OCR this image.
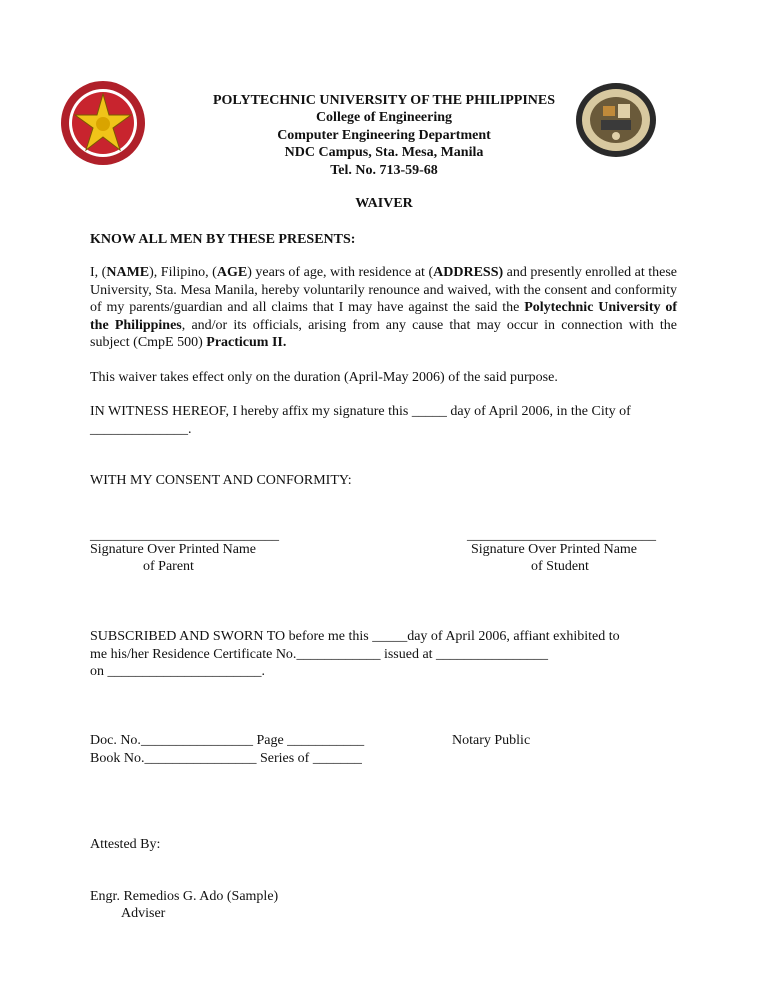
POLYTECHNIC UNIVERSITY OF THE PHILIPPINES
College of Engineering
Computer Engineering Department
NDC Campus, Sta. Mesa, Manila
Tel. No. 713-59-68
WAIVER
KNOW ALL MEN BY THESE PRESENTS:
I, (NAME), Filipino, (AGE) years of age, with residence at (ADDRESS) and presently enrolled at these University, Sta. Mesa Manila, hereby voluntarily renounce and waived, with the consent and conformity of my parents/guardian and all claims that I may have against the said the Polytechnic University of the Philippines, and/or its officials, arising from any cause that may occur in connection with the subject (CmpE 500) Practicum II.
This waiver takes effect only on the duration (April-May 2006) of the said purpose.
IN WITNESS HEREOF, I hereby affix my signature this _____ day of April 2006, in the City of
______________.
WITH MY CONSENT AND CONFORMITY:
___________________________
Signature Over Printed Name
of Parent
___________________________
Signature Over Printed Name
of Student
SUBSCRIBED AND SWORN TO before me this _____day of April 2006, affiant exhibited to
me his/her Residence Certificate No.____________ issued at ________________
on ______________________.
Doc. No.________________ Page ___________
Book No.________________ Series of _______
Notary Public
Attested By:
Engr. Remedios G. Ado (Sample)
Adviser
